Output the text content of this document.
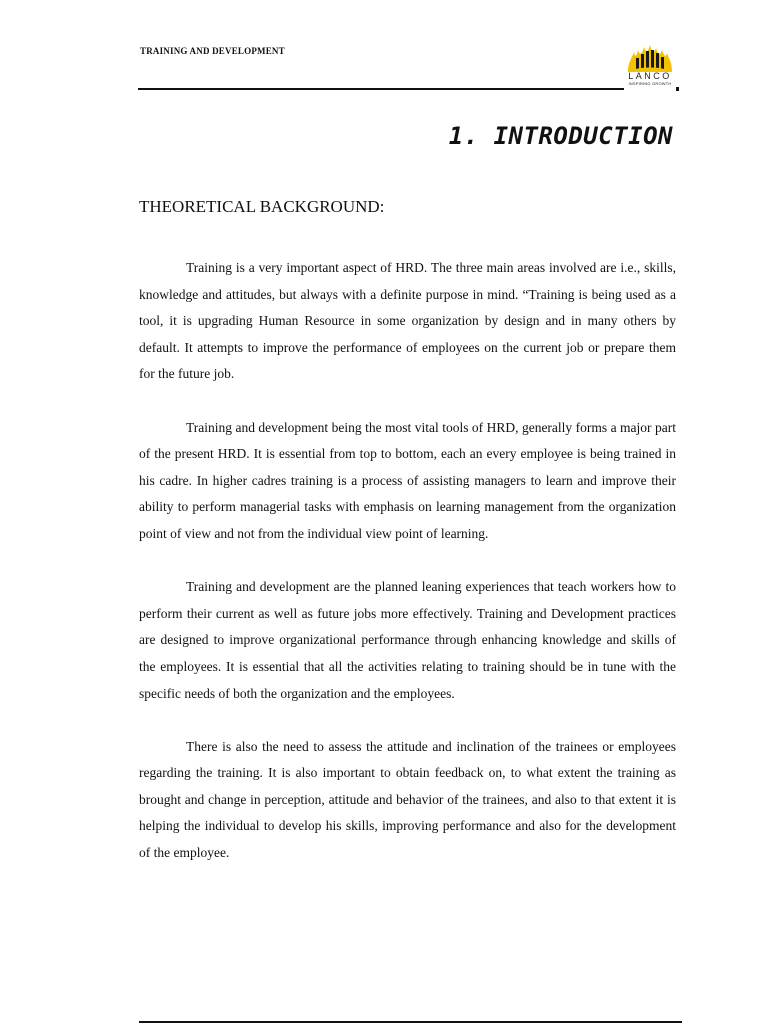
TRAINING AND DEVELOPMENT
LANCO
INSPIRING GROWTH
1. INTRODUCTION
THEORETICAL BACKGROUND:

Training is a very important aspect of HRD. The three main areas involved are i.e., skills, knowledge and attitudes, but always with a definite purpose in mind. “Training is being used as a tool, it is upgrading Human Resource in some organization by design and in many others by default. It attempts to improve the performance of employees on the current job or prepare them for the future job.

Training and development being the most vital tools of HRD, generally forms a major part of the present HRD. It is essential from top to bottom, each an every employee is being trained in his cadre. In higher cadres training is a process of assisting managers to learn and improve their ability to perform managerial tasks with emphasis on learning management from the organization point of view and not from the individual view point of learning.

Training and development are the planned leaning experiences that teach workers how to perform their current as well as future jobs more effectively. Training and Development practices are designed to improve organizational performance through enhancing knowledge and skills of the employees. It is essential that all the activities relating to training should be in tune with the specific needs of both the organization and the employees.

There is also the need to assess the attitude and inclination of the trainees or employees regarding the training. It is also important to obtain feedback on, to what extent the training as brought and change in perception, attitude and behavior of the trainees, and also to that extent it is helping the individual to develop his skills, improving performance and also for the development of the employee.
